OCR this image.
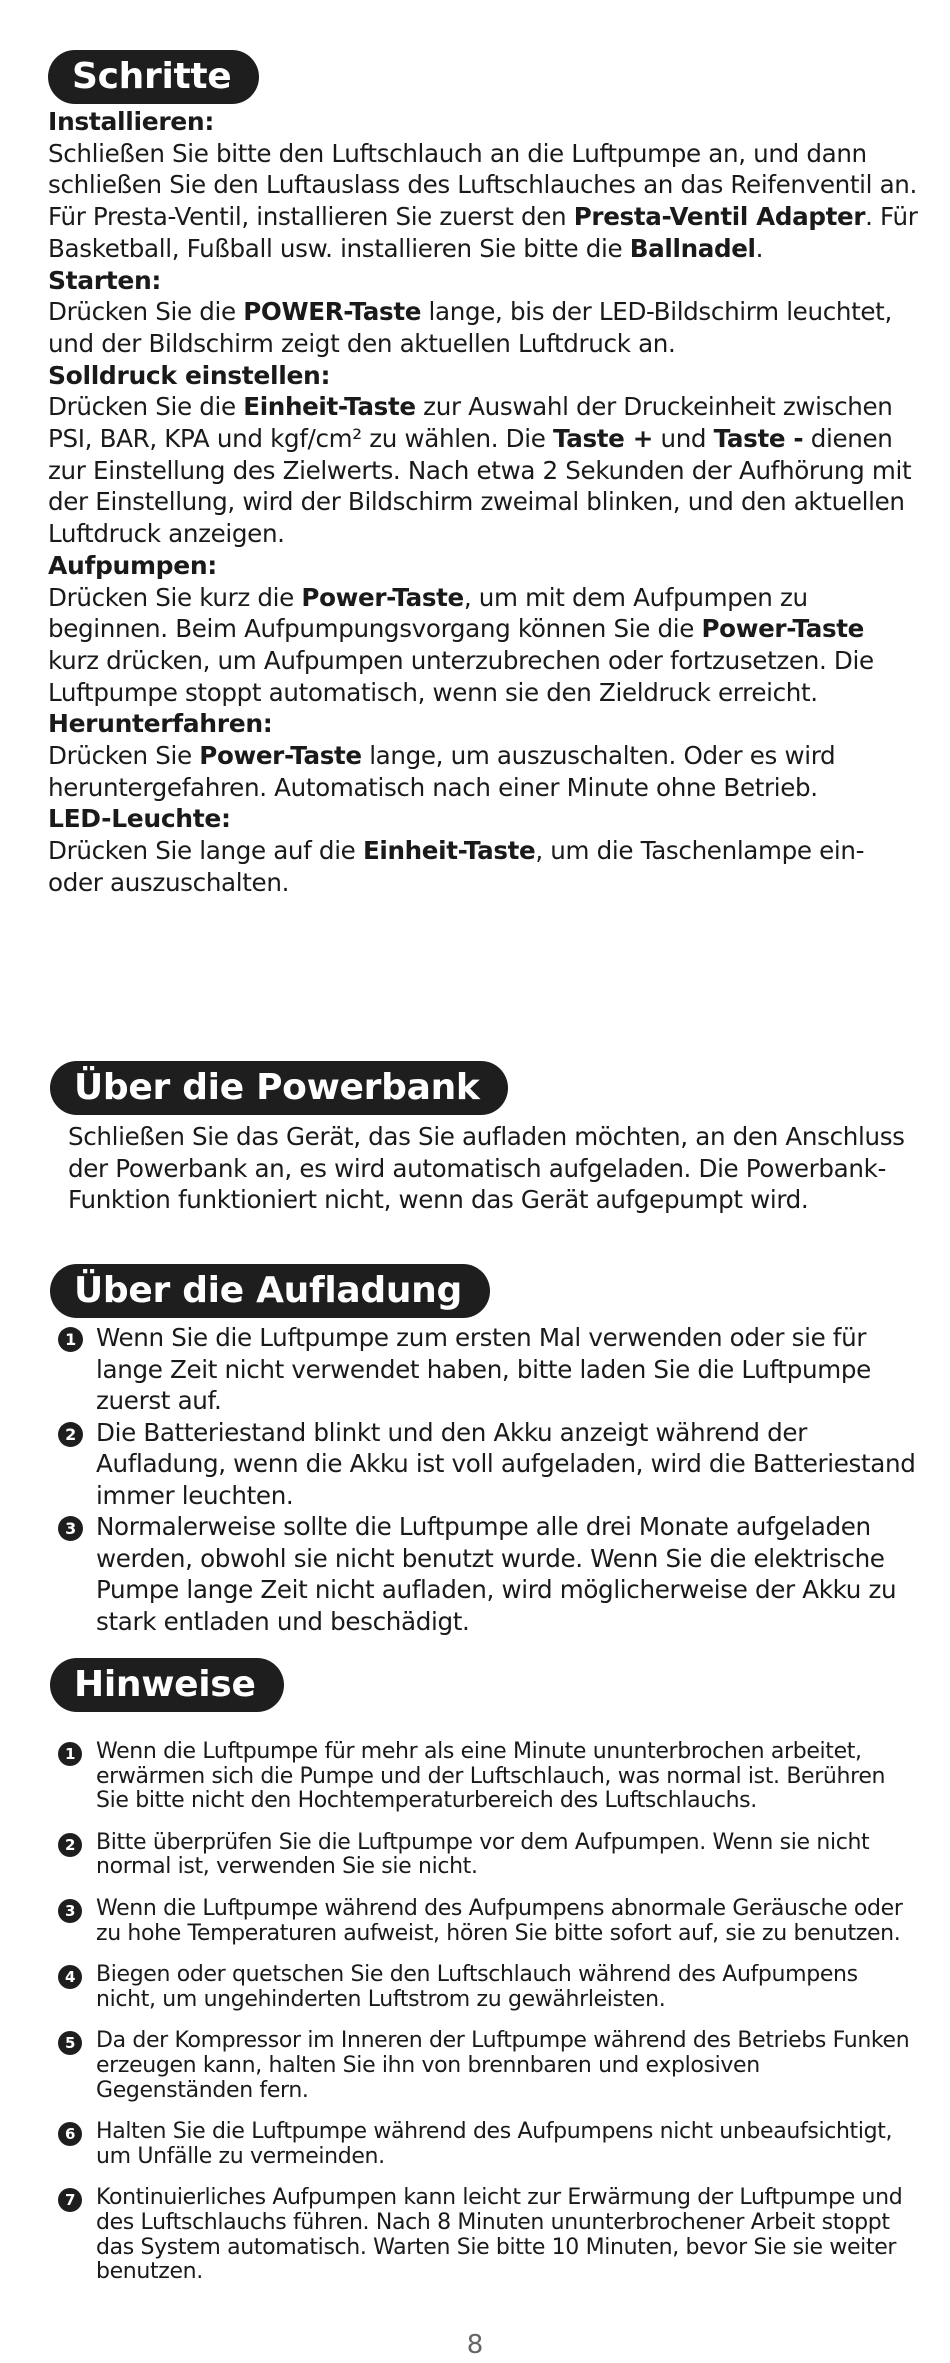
Schritte
Installieren:

Schließen Sie bitte den Luftschlauch an die Luftpumpe an, und dann schließen Sie den Luftauslass des Luftschlauches an das Reifenventil an. Für Presta-Ventil, installieren Sie zuerst den Presta-Ventil Adapter. Für Basketball, Fußball usw. installieren Sie bitte die Ballnadel.

Starten:

Drücken Sie die POWER-Taste lange, bis der LED-Bildschirm leuchtet, und der Bildschirm zeigt den aktuellen Luftdruck an.

Solldruck einstellen:

Drücken Sie die Einheit-Taste zur Auswahl der Druckeinheit zwischen PSI, BAR, KPA und kgf/cm² zu wählen. Die Taste + und Taste - dienen zur Einstellung des Zielwerts. Nach etwa 2 Sekunden der Aufhörung mit der Einstellung, wird der Bildschirm zweimal blinken, und den aktuellen Luftdruck anzeigen.

Aufpumpen:

Drücken Sie kurz die Power-Taste, um mit dem Aufpumpen zu beginnen. Beim Aufpumpungsvorgang können Sie die Power-Taste kurz drücken, um Aufpumpen unterzubrechen oder fortzusetzen. Die Luftpumpe stoppt automatisch, wenn sie den Zieldruck erreicht.

Herunterfahren:

Drücken Sie Power-Taste lange, um auszuschalten. Oder es wird heruntergefahren. Automatisch nach einer Minute ohne Betrieb.

LED-Leuchte:

Drücken Sie lange auf die Einheit-Taste, um die Taschenlampe ein- oder auszuschalten.

Über die Powerbank

Schließen Sie das Gerät, das Sie aufladen möchten, an den Anschluss der Powerbank an, es wird automatisch aufgeladen. Die Powerbank-Funktion funktioniert nicht, wenn das Gerät aufgepumpt wird.

Über die Aufladung
1 Wenn Sie die Luftpumpe zum ersten Mal verwenden oder sie für lange Zeit nicht verwendet haben, bitte laden Sie die Luftpumpe zuerst auf.
2 Die Batteriestand blinkt und den Akku anzeigt während der Aufladung, wenn die Akku ist voll aufgeladen, wird die Batteriestand immer leuchten.
3 Normalerweise sollte die Luftpumpe alle drei Monate aufgeladen werden, obwohl sie nicht benutzt wurde. Wenn Sie die elektrische Pumpe lange Zeit nicht aufladen, wird möglicherweise der Akku zu stark entladen und beschädigt.
Hinweise
1 Wenn die Luftpumpe für mehr als eine Minute ununterbrochen arbeitet, erwärmen sich die Pumpe und der Luftschlauch, was normal ist. Berühren Sie bitte nicht den Hochtemperaturbereich des Luftschlauchs.
2 Bitte überprüfen Sie die Luftpumpe vor dem Aufpumpen. Wenn sie nicht normal ist, verwenden Sie sie nicht.
3 Wenn die Luftpumpe während des Aufpumpens abnormale Geräusche oder zu hohe Temperaturen aufweist, hören Sie bitte sofort auf, sie zu benutzen.
4 Biegen oder quetschen Sie den Luftschlauch während des Aufpumpens nicht, um ungehinderten Luftstrom zu gewährleisten.
5 Da der Kompressor im Inneren der Luftpumpe während des Betriebs Funken erzeugen kann, halten Sie ihn von brennbaren und explosiven Gegenständen fern.
6 Halten Sie die Luftpumpe während des Aufpumpens nicht unbeaufsichtigt, um Unfälle zu vermeinden.
7 Kontinuierliches Aufpumpen kann leicht zur Erwärmung der Luftpumpe und des Luftschlauchs führen. Nach 8 Minuten ununterbrochener Arbeit stoppt das System automatisch. Warten Sie bitte 10 Minuten, bevor Sie sie weiter benutzen.
8
